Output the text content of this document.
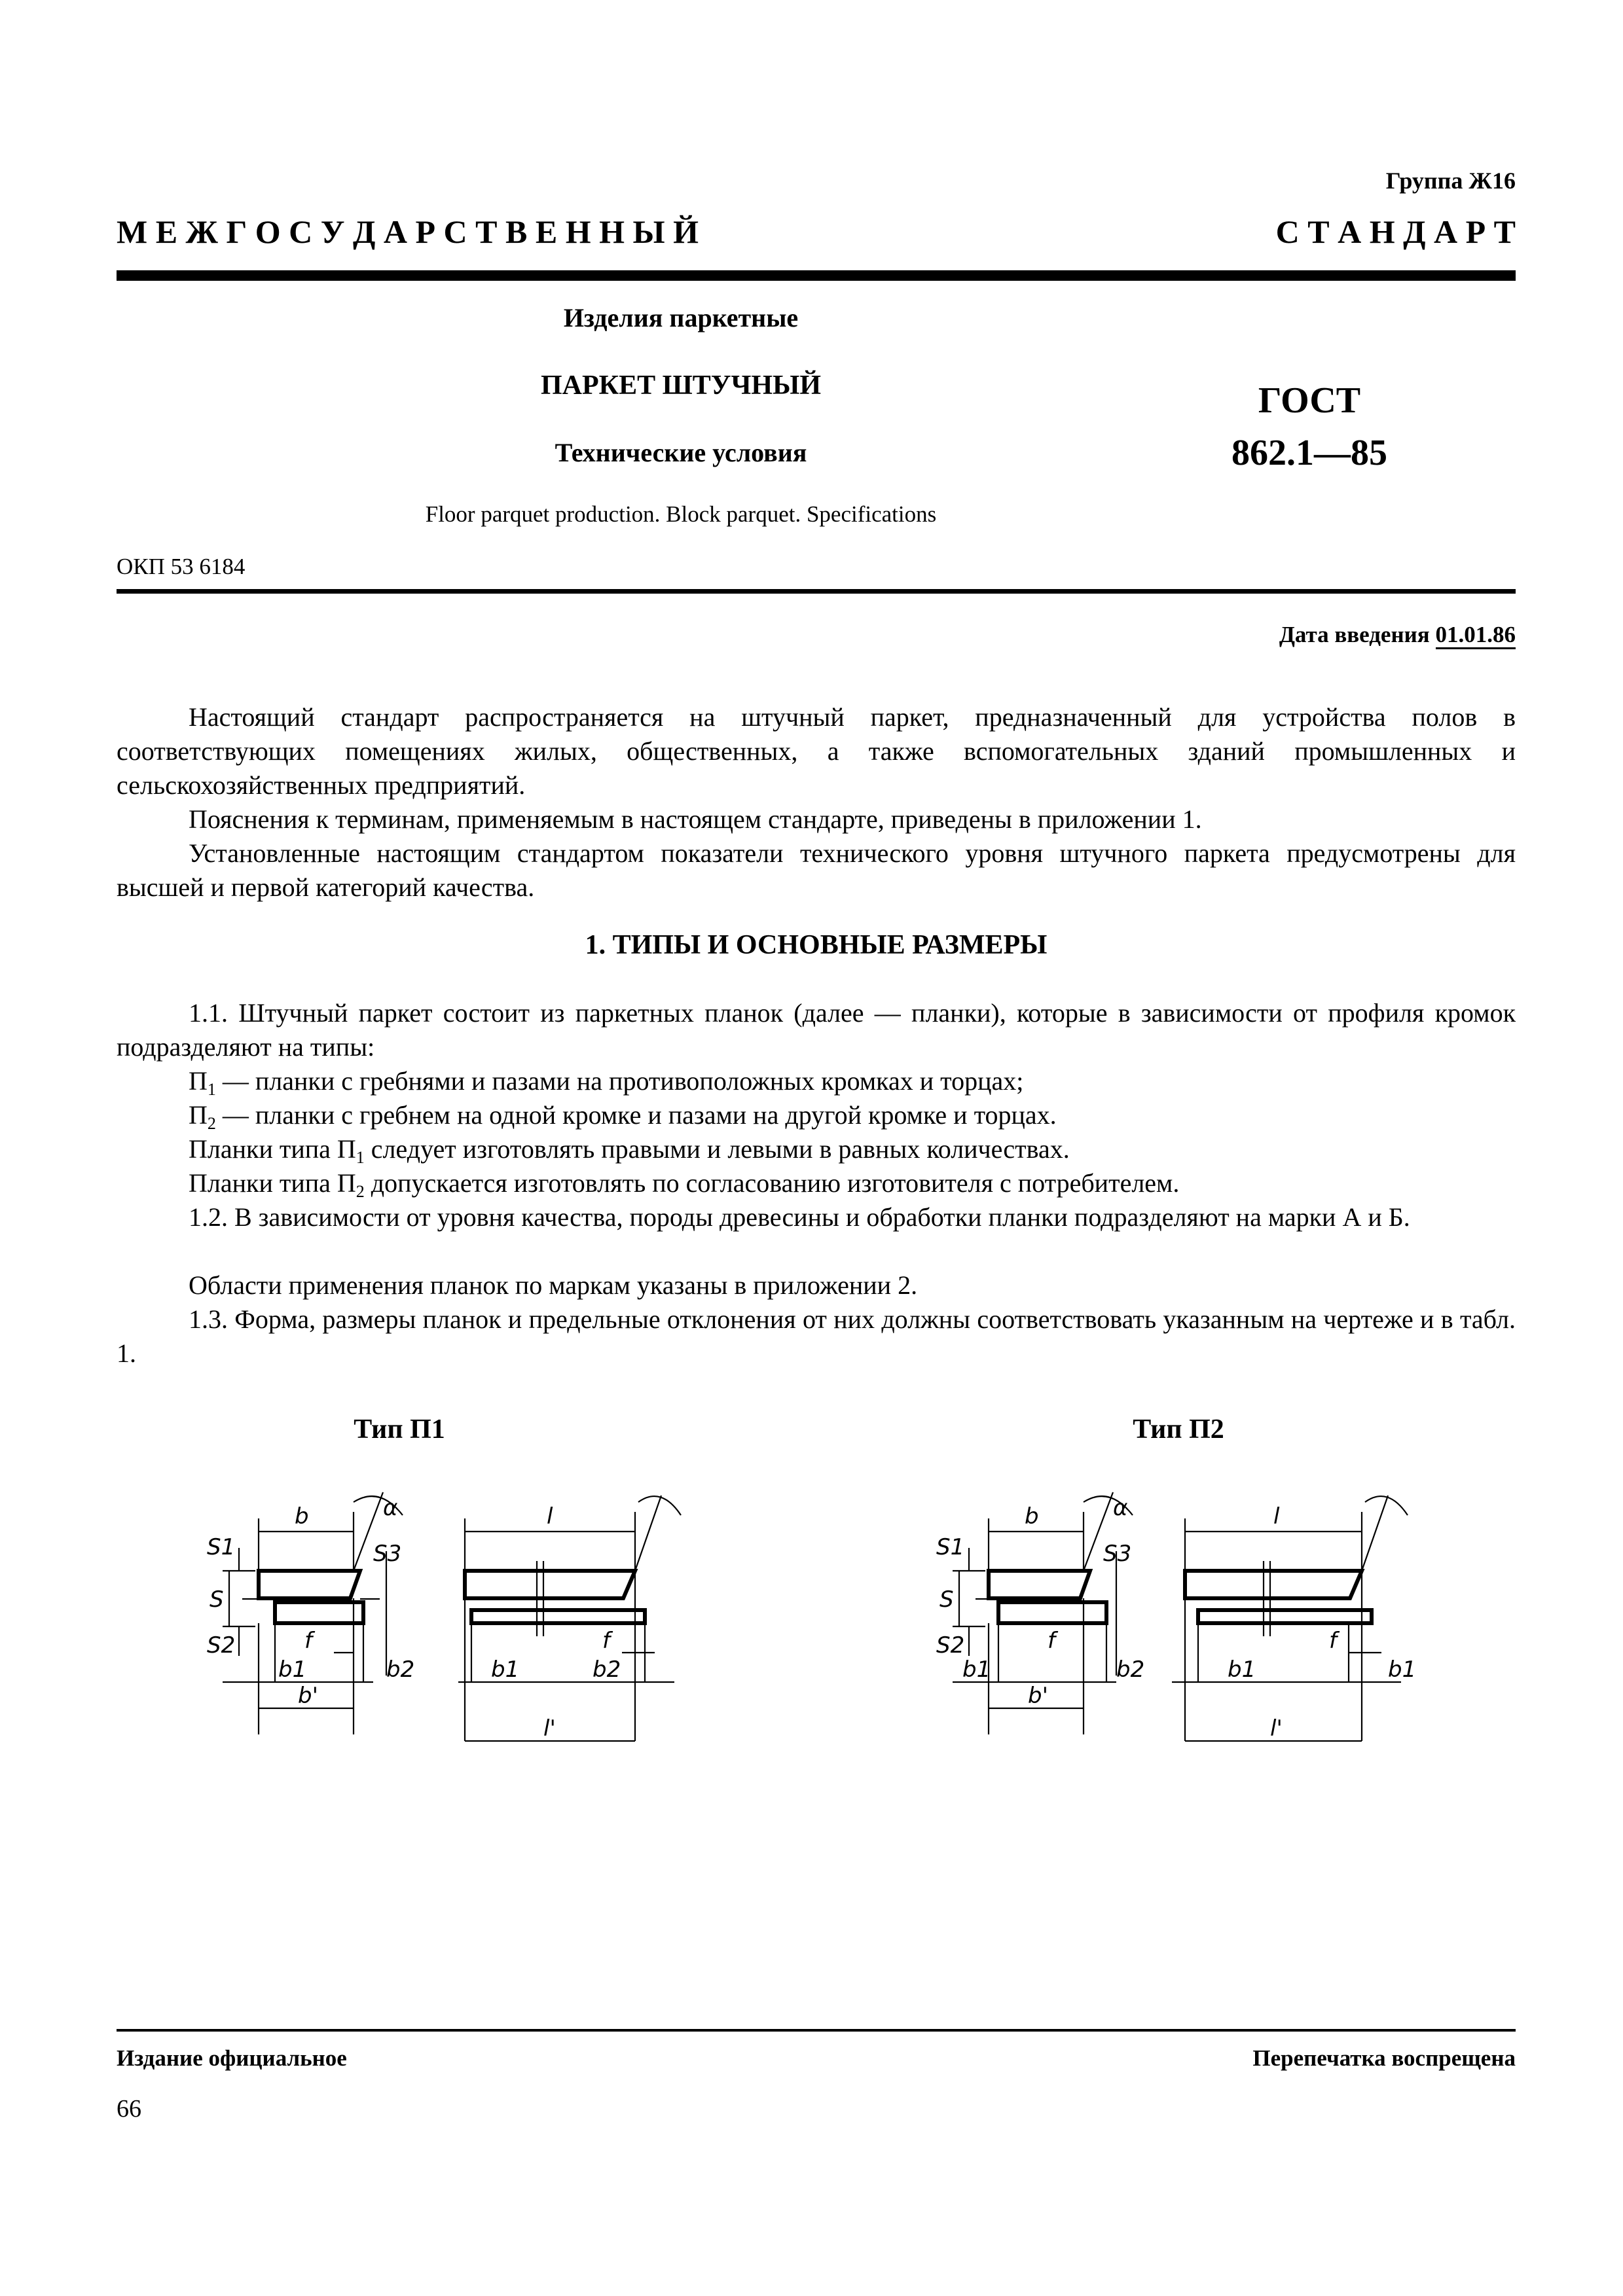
Группа Ж16
М Е Ж Г О С У Д А Р С Т В Е Н Н Ы Й	С Т А Н Д А Р Т
Изделия паркетные
ПАРКЕТ ШТУЧНЫЙ
Технические условия
Floor parquet production. Block parquet. Specifications
ГОСТ
862.1—85
ОКП 53 6184
Дата введения 01.01.86
Настоящий стандарт распространяется на штучный паркет, предназначенный для устройства полов в соответствующих помещениях жилых, общественных, а также вспомогательных зданий промышленных и сельскохозяйственных предприятий.
Пояснения к терминам, применяемым в настоящем стандарте, приведены в приложении 1.
Установленные настоящим стандартом показатели технического уровня штучного паркета предусмотрены для высшей и первой категорий качества.
1. ТИПЫ И ОСНОВНЫЕ РАЗМЕРЫ
1.1. Штучный паркет состоит из паркетных планок (далее — планки), которые в зависимости от профиля кромок подразделяют на типы:
$П_1$ — планки с гребнями и пазами на противоположных кромках и торцах;
$П_2$ — планки с гребнем на одной кромке и пазами на другой кромке и торцах.
Планки типа $П_1$ следует изготовлять правыми и левыми в равных количествах.
Планки типа $П_2$ допускается изготовлять по согласованию изготовителя с потребителем.
1.2. В зависимости от уровня качества, породы древесины и обработки планки подразделяют на марки А и Б.
Области применения планок по маркам указаны в приложении 2.
1.3. Форма, размеры планок и предельные отклонения от них должны соответствовать указанным на чертеже и в табл. 1.
Тип П1	Тип П2
b	α
S
S1
S2
S3
f
b1	b2
b'
l
f
b1	b2
l'
b	α
S
S1
S2
S3
f
b1	b2
b'
l
f
b1	b1
l'
Издание официальное	Перепечатка воспрещена
66
